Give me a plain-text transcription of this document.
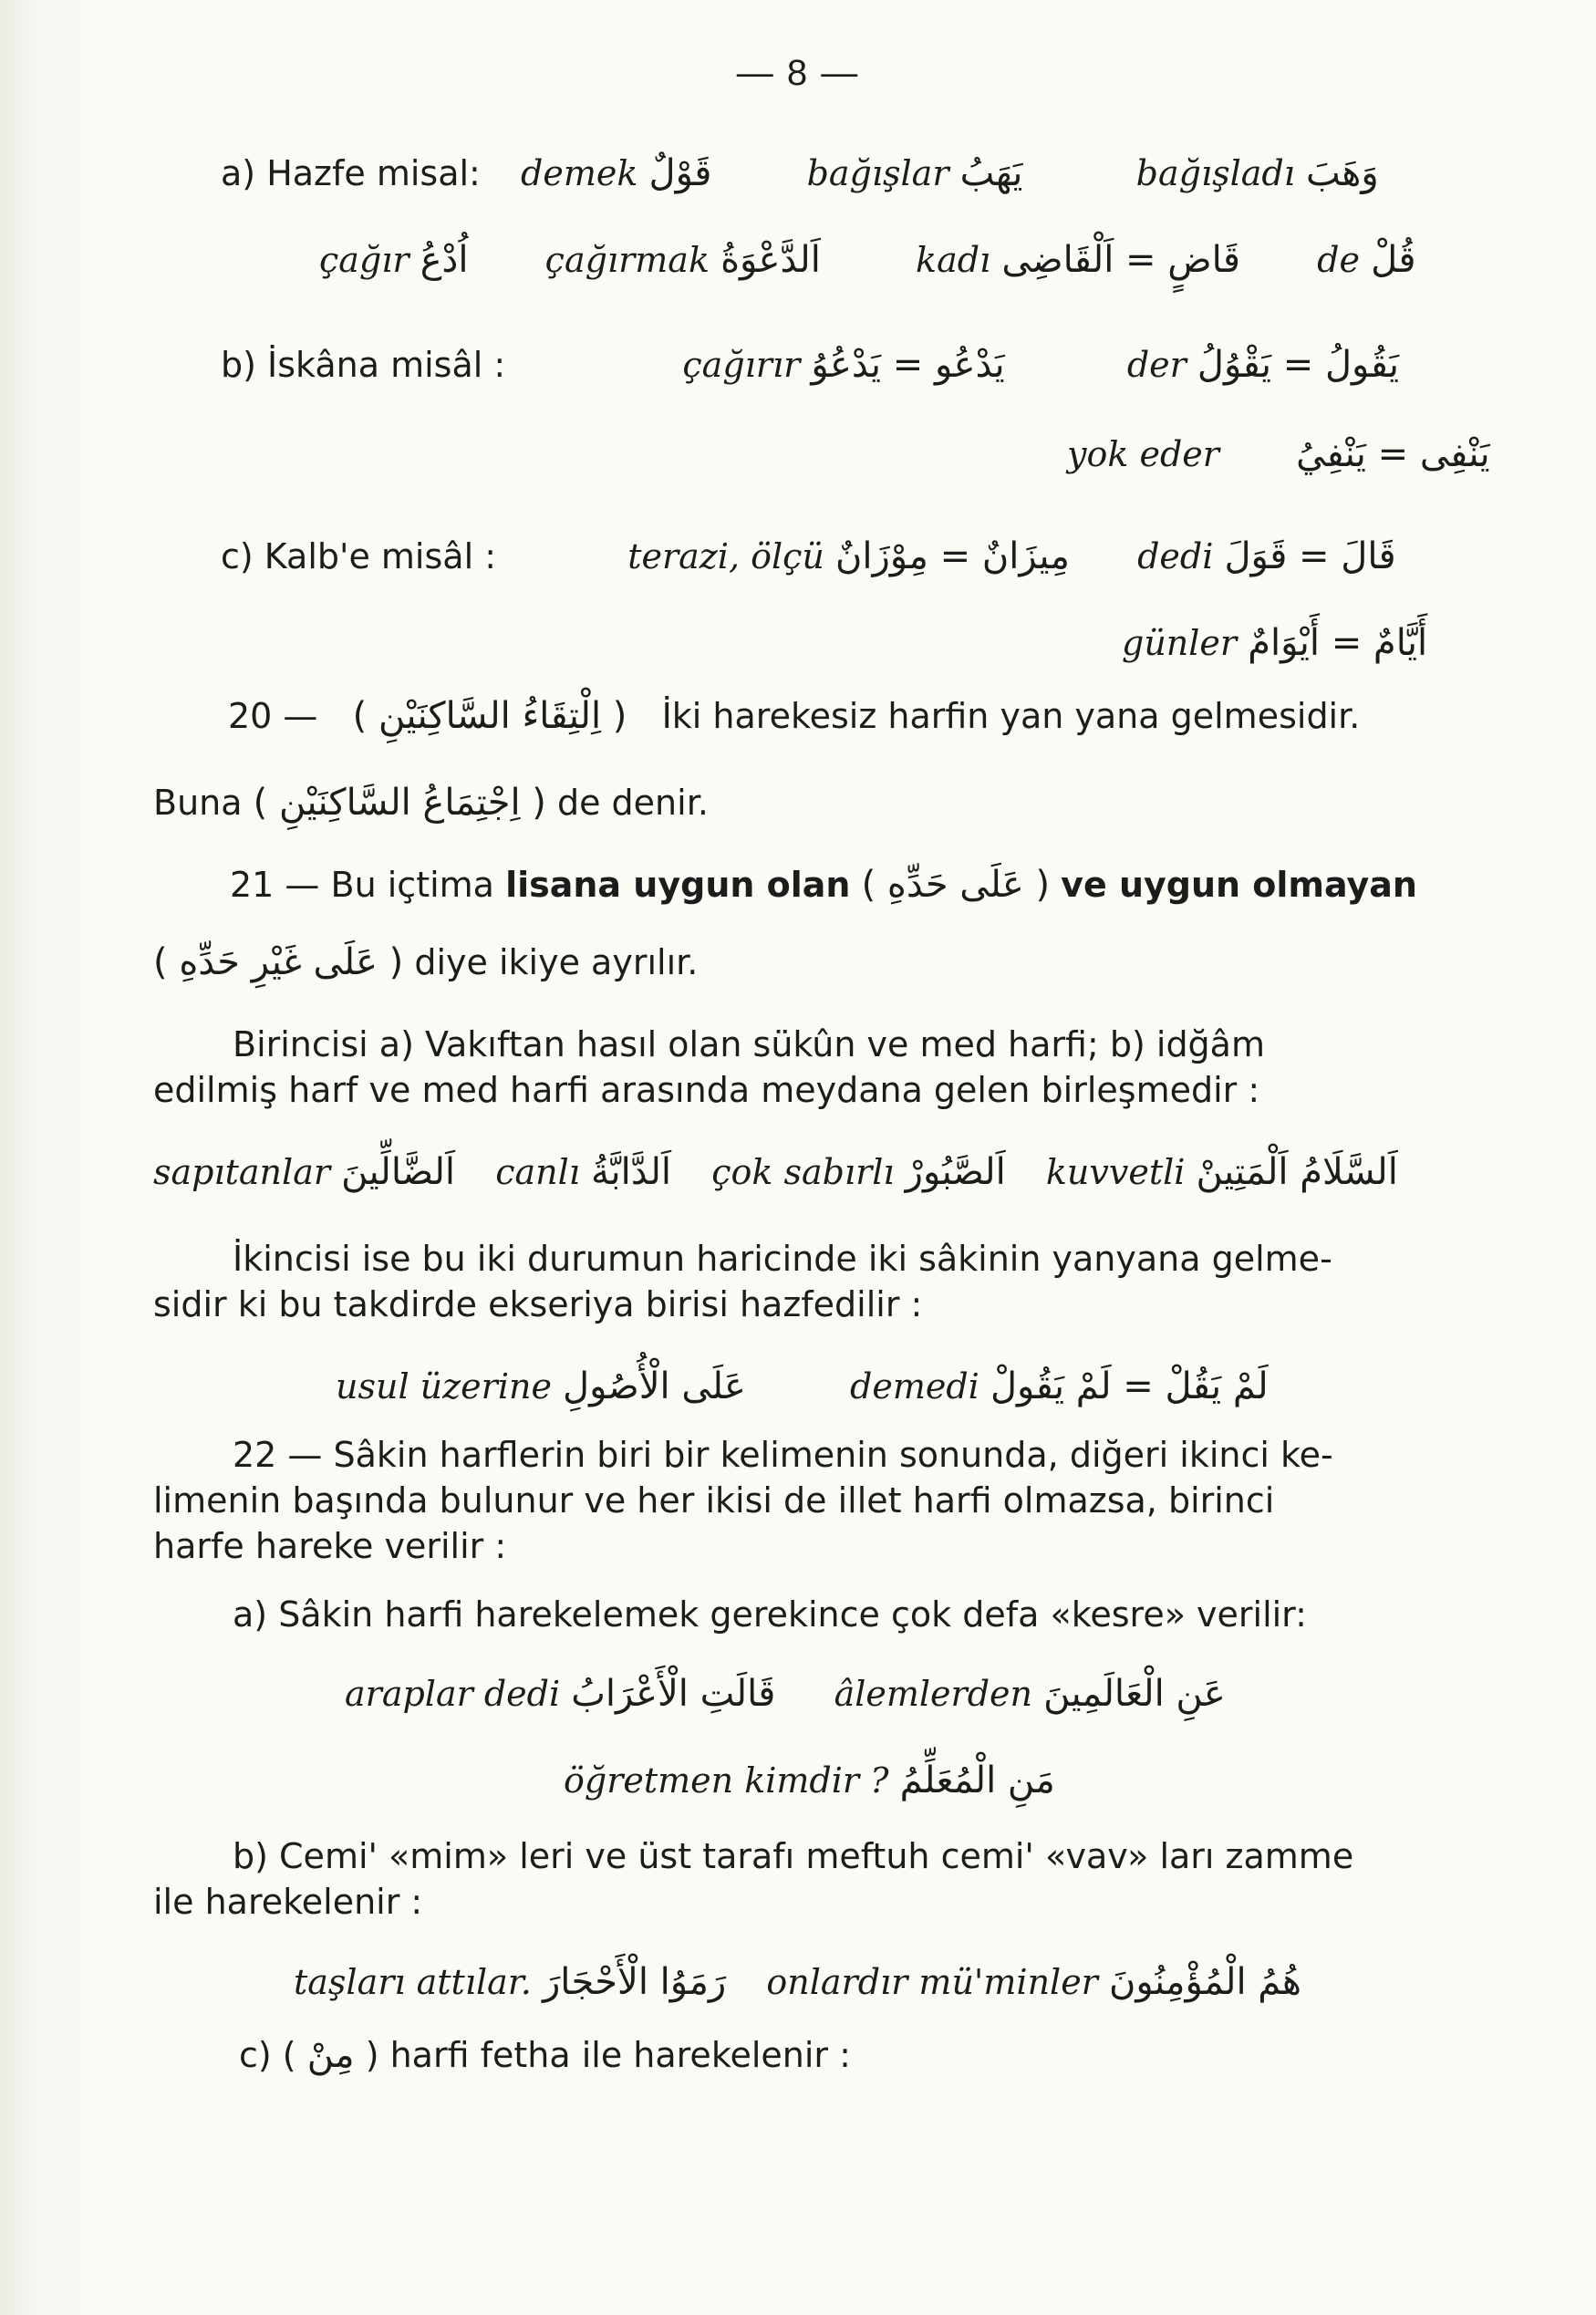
— 8 —
a) Hazfe misal: demek قَوْلٌ	bağışlar يَهَبُ	bağışladı وَهَبَ
çağır اُدْعُ çağırmak اَلدَّعْوَةُ	kadı قَاضٍ = اَلْقَاضِى de قُلْ
b) İskâna misâl :	çağırır يَدْعُو = يَدْعُوُ	der يَقُولُ = يَقْوُلُ
yok eder يَنْفِى = يَنْفِيُ
c) Kalb'e misâl :	terazi, ölçü مِيزَانٌ = مِوْزَانٌ dedi قَالَ = قَوَلَ
günler أَيَّامٌ = أَيْوَامٌ
20 — ( اِلْتِقَاءُ السَّاكِنَيْنِ ) İki harekesiz harfin yan yana gelmesidir.
Buna ( اِجْتِمَاعُ السَّاكِنَيْنِ ) de denir.
21 — Bu içtima lisana uygun olan ( عَلَى حَدِّهِ ) ve uygun olmayan
( عَلَى غَيْرِ حَدِّهِ ) diye ikiye ayrılır.
Birincisi a) Vakıftan hasıl olan sükûn ve med harfi; b) idğâm
edilmiş harf ve med harfi arasında meydana gelen birleşmedir :
sapıtanlar اَلضَّالِّينَ canlı اَلدَّابَّةُ çok sabırlı اَلصَّبُورْ kuvvetli اَلسَّلَامُ اَلْمَتِينْ
İkincisi ise bu iki durumun haricinde iki sâkinin yanyana gelme-
sidir ki bu takdirde ekseriya birisi hazfedilir :
usul üzerine عَلَى الْأُصُولِ	demedi لَمْ يَقُلْ = لَمْ يَقُولْ
22 — Sâkin harflerin biri bir kelimenin sonunda, diğeri ikinci ke-
limenin başında bulunur ve her ikisi de illet harfi olmazsa, birinci
harfe hareke verilir :
a) Sâkin harfi harekelemek gerekince çok defa «kesre» verilir:
araplar dedi قَالَتِ الْأَعْرَابُ âlemlerden عَنِ الْعَالَمِينَ
öğretmen kimdir ? مَنِ الْمُعَلِّمُ
b) Cemi' «mim» leri ve üst tarafı meftuh cemi' «vav» ları zamme
ile harekelenir :
taşları attılar. رَمَوُا الْأَحْجَارَ onlardır mü'minler هُمُ الْمُؤْمِنُونَ
c) ( مِنْ ) harfi fetha ile harekelenir :
